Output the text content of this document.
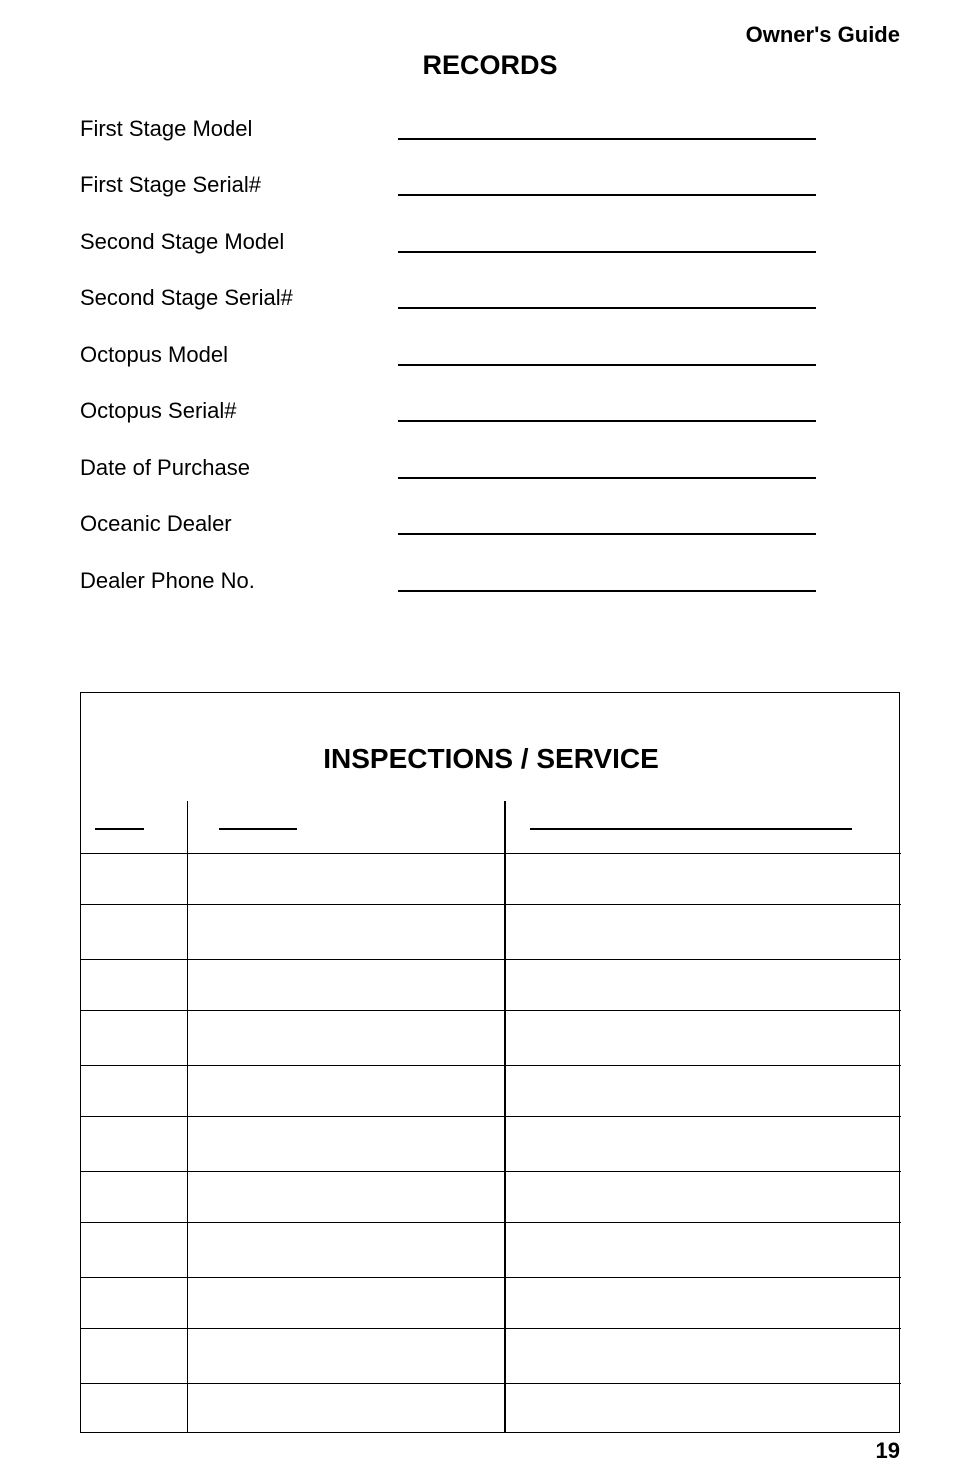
Owner's Guide
RECORDS
First Stage Model
First Stage Serial#
Second Stage Model
Second Stage Serial#
Octopus Model
Octopus Serial#
Date of Purchase
Oceanic Dealer
Dealer Phone No.
INSPECTIONS / SERVICE
19
